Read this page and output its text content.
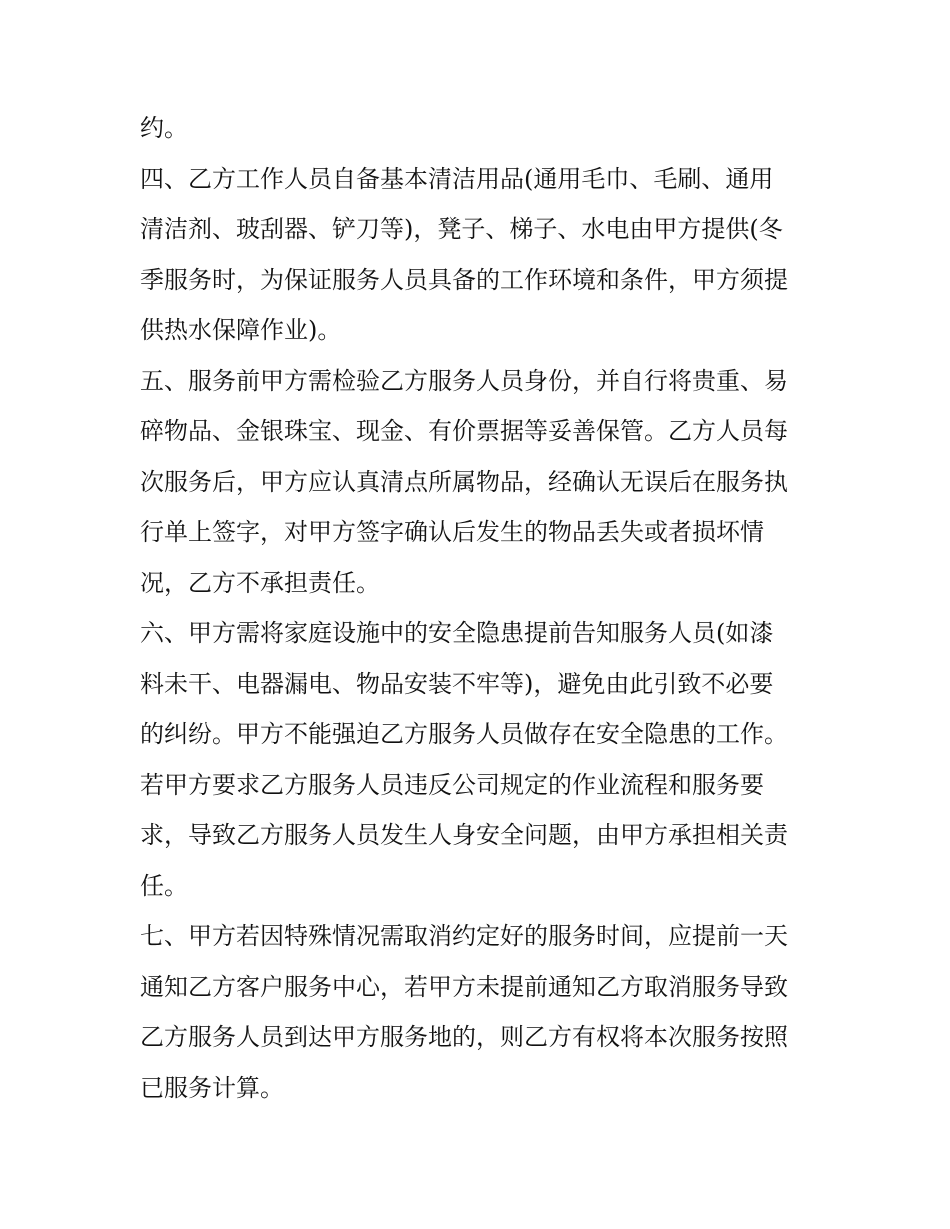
约。
四、乙方工作人员自备基本清洁用品(通用毛巾、毛刷、通用
清洁剂、玻刮器、铲刀等)，凳子、梯子、水电由甲方提供(冬
季服务时，为保证服务人员具备的工作环境和条件，甲方须提
供热水保障作业)。
五、服务前甲方需检验乙方服务人员身份，并自行将贵重、易
碎物品、金银珠宝、现金、有价票据等妥善保管。乙方人员每
次服务后，甲方应认真清点所属物品，经确认无误后在服务执
行单上签字，对甲方签字确认后发生的物品丢失或者损坏情
况，乙方不承担责任。
六、甲方需将家庭设施中的安全隐患提前告知服务人员(如漆
料未干、电器漏电、物品安装不牢等)，避免由此引致不必要
的纠纷。甲方不能强迫乙方服务人员做存在安全隐患的工作。
若甲方要求乙方服务人员违反公司规定的作业流程和服务要
求，导致乙方服务人员发生人身安全问题，由甲方承担相关责
任。
七、甲方若因特殊情况需取消约定好的服务时间，应提前一天
通知乙方客户服务中心，若甲方未提前通知乙方取消服务导致
乙方服务人员到达甲方服务地的，则乙方有权将本次服务按照
已服务计算。
